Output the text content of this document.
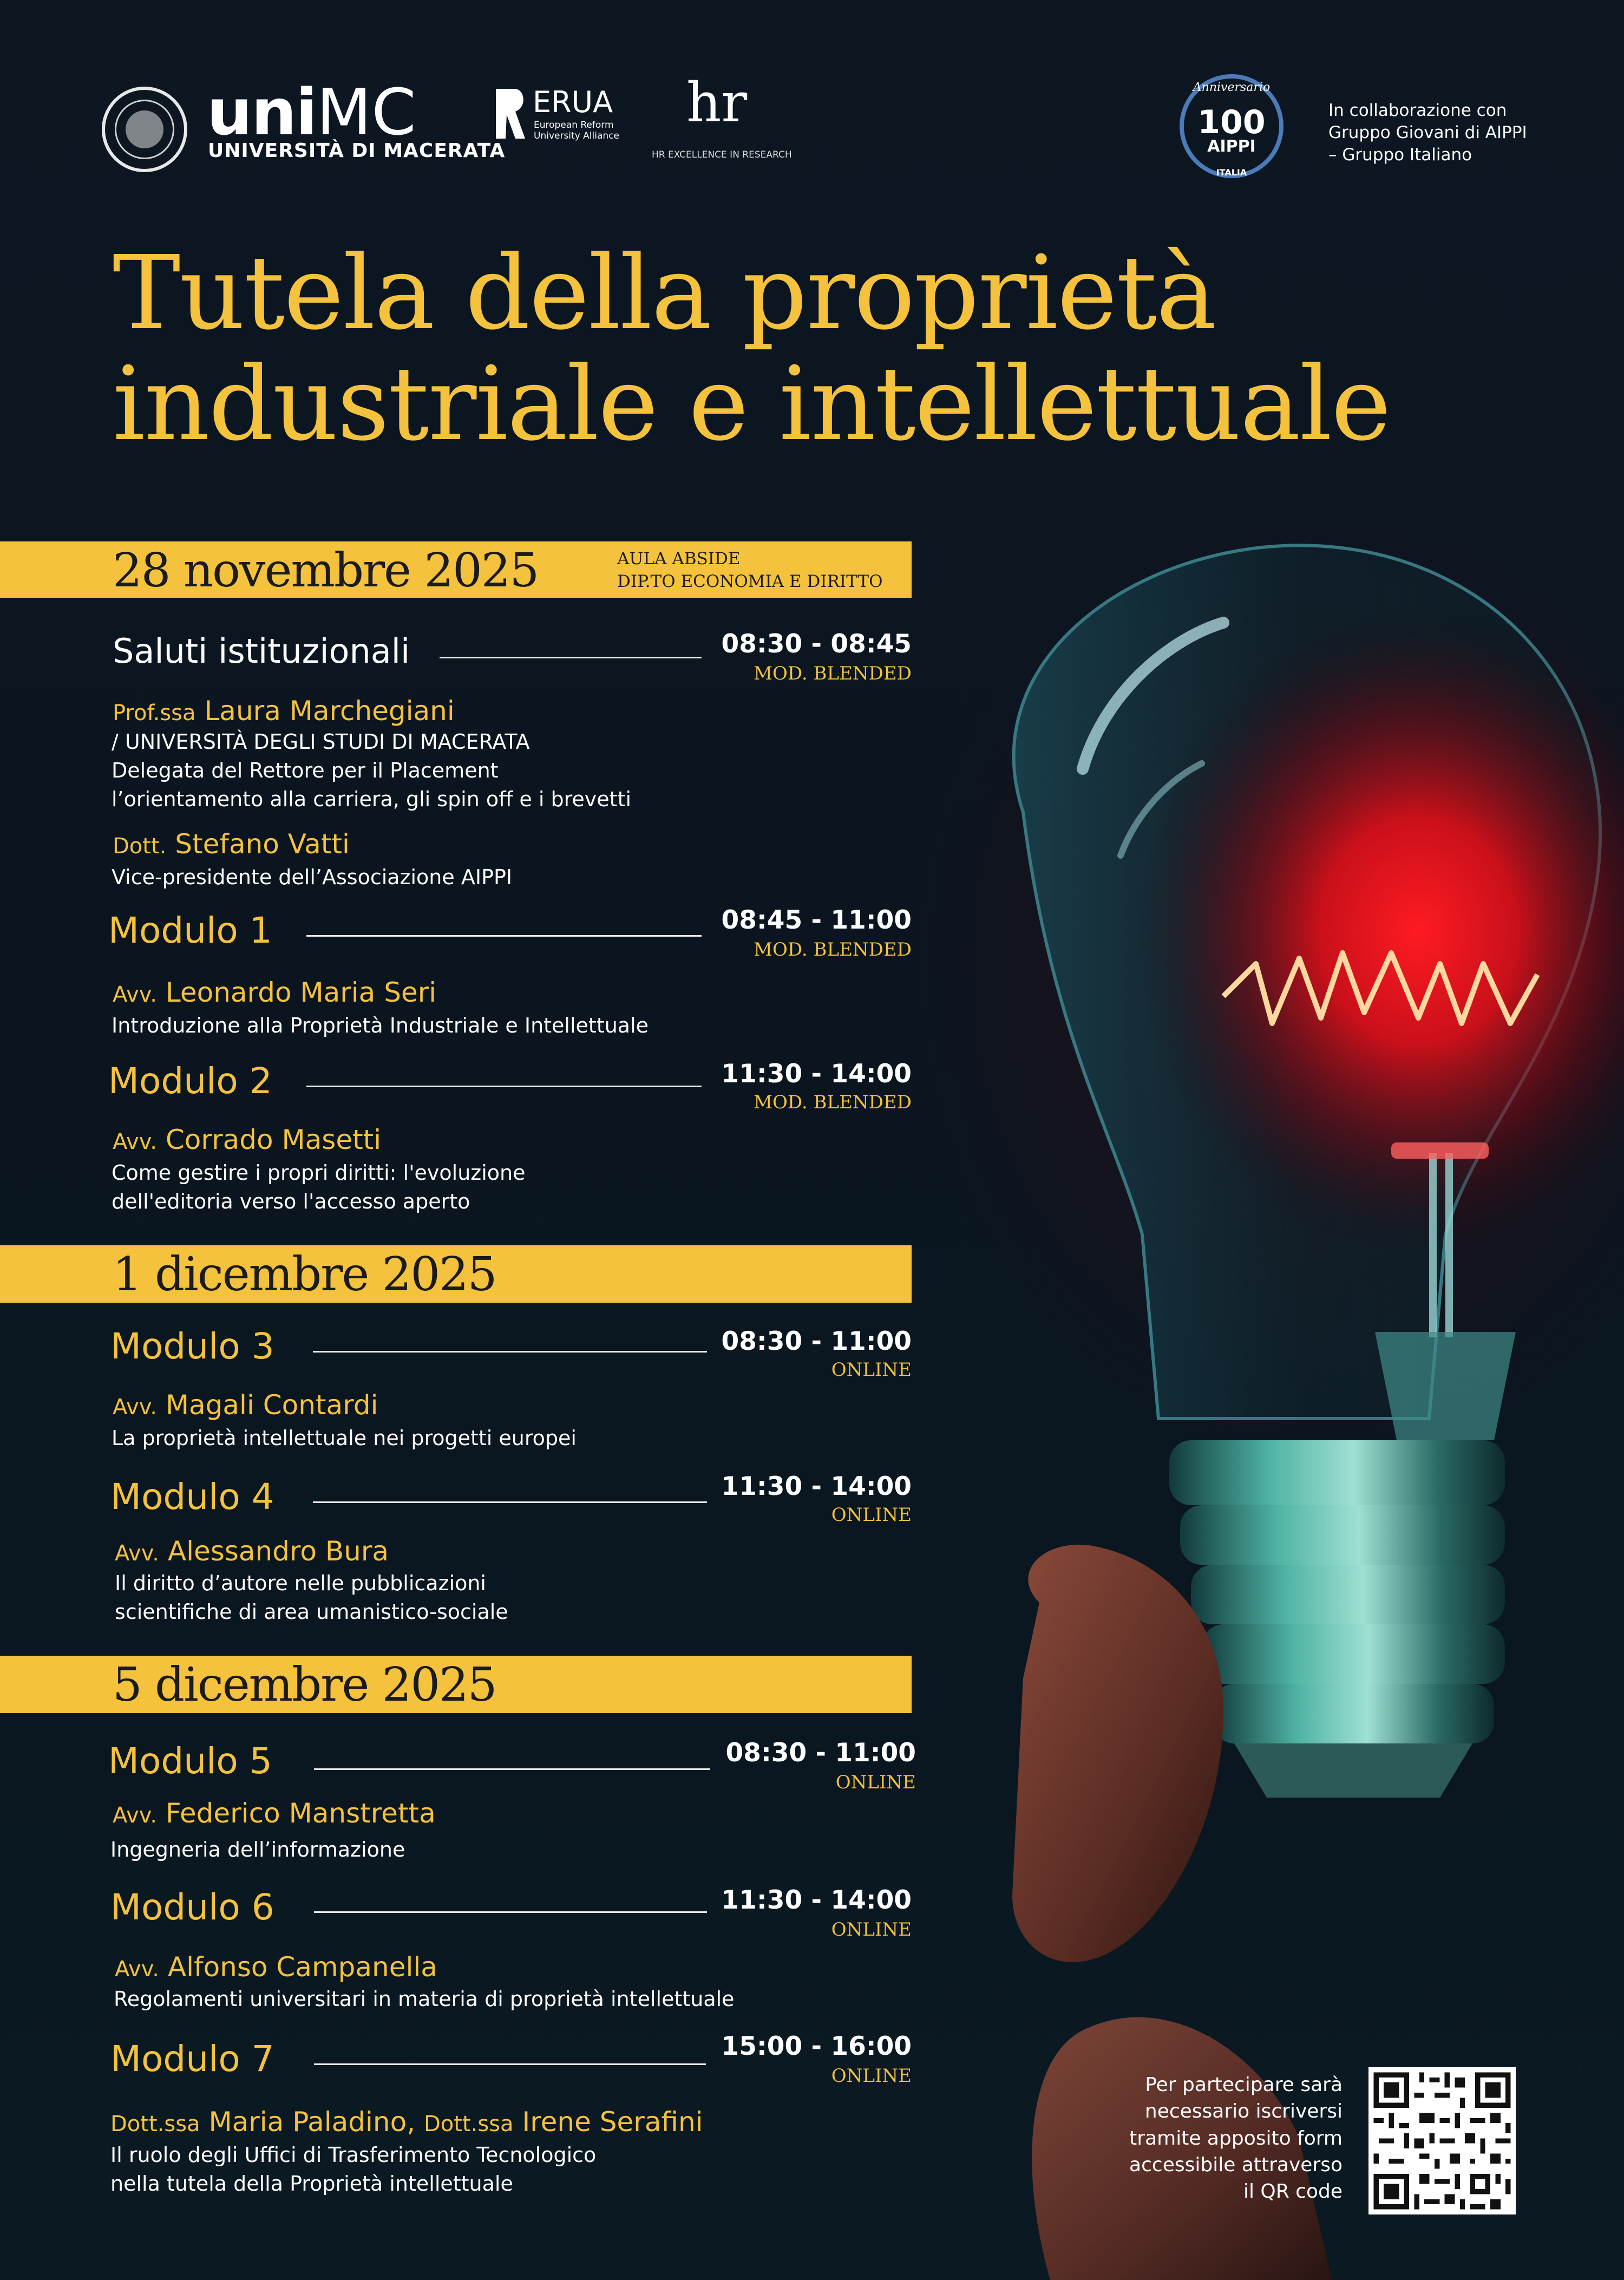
uniMC
UNIVERSITÀ DI MACERATA
ERUA
European Reform
University Alliance
hr
HR EXCELLENCE IN RESEARCH
Anniversario
100
AIPPI
ITALIA
In collaborazione con
Gruppo Giovani di AIPPI
– Gruppo Italiano
Tutela della proprietà
industriale e intellettuale
28 novembre 2025	AULA ABSIDE
DIP.TO ECONOMIA E DIRITTO
Saluti istituzionali	08:30 - 08:45
MOD. BLENDED
Prof.ssa Laura Marchegiani
/ UNIVERSITÀ DEGLI STUDI DI MACERATA
Delegata del Rettore per il Placement
l’orientamento alla carriera, gli spin off e i brevetti
Dott. Stefano Vatti
Vice-presidente dell’Associazione AIPPI
Modulo 1	08:45 - 11:00
MOD. BLENDED
Avv. Leonardo Maria Seri
Introduzione alla Proprietà Industriale e Intellettuale
Modulo 2	11:30 - 14:00
MOD. BLENDED
Avv. Corrado Masetti
Come gestire i propri diritti: l'evoluzione
dell'editoria verso l'accesso aperto
1 dicembre 2025
Modulo 3	08:30 - 11:00
ONLINE
Avv. Magali Contardi
La proprietà intellettuale nei progetti europei
Modulo 4	11:30 - 14:00
ONLINE
Avv. Alessandro Bura
Il diritto d’autore nelle pubblicazioni
scientifiche di area umanistico-sociale
5 dicembre 2025
Modulo 5	08:30 - 11:00
ONLINE
Avv. Federico Manstretta
Ingegneria dell’informazione
Modulo 6	11:30 - 14:00
ONLINE
Avv. Alfonso Campanella
Regolamenti universitari in materia di proprietà intellettuale
Modulo 7	15:00 - 16:00
ONLINE
Dott.ssa Maria Paladino, Dott.ssa Irene Serafini
Il ruolo degli Uffici di Trasferimento Tecnologico
nella tutela della Proprietà intellettuale
Per partecipare sarà
necessario iscriversi
tramite apposito form
accessibile attraverso
il QR code
